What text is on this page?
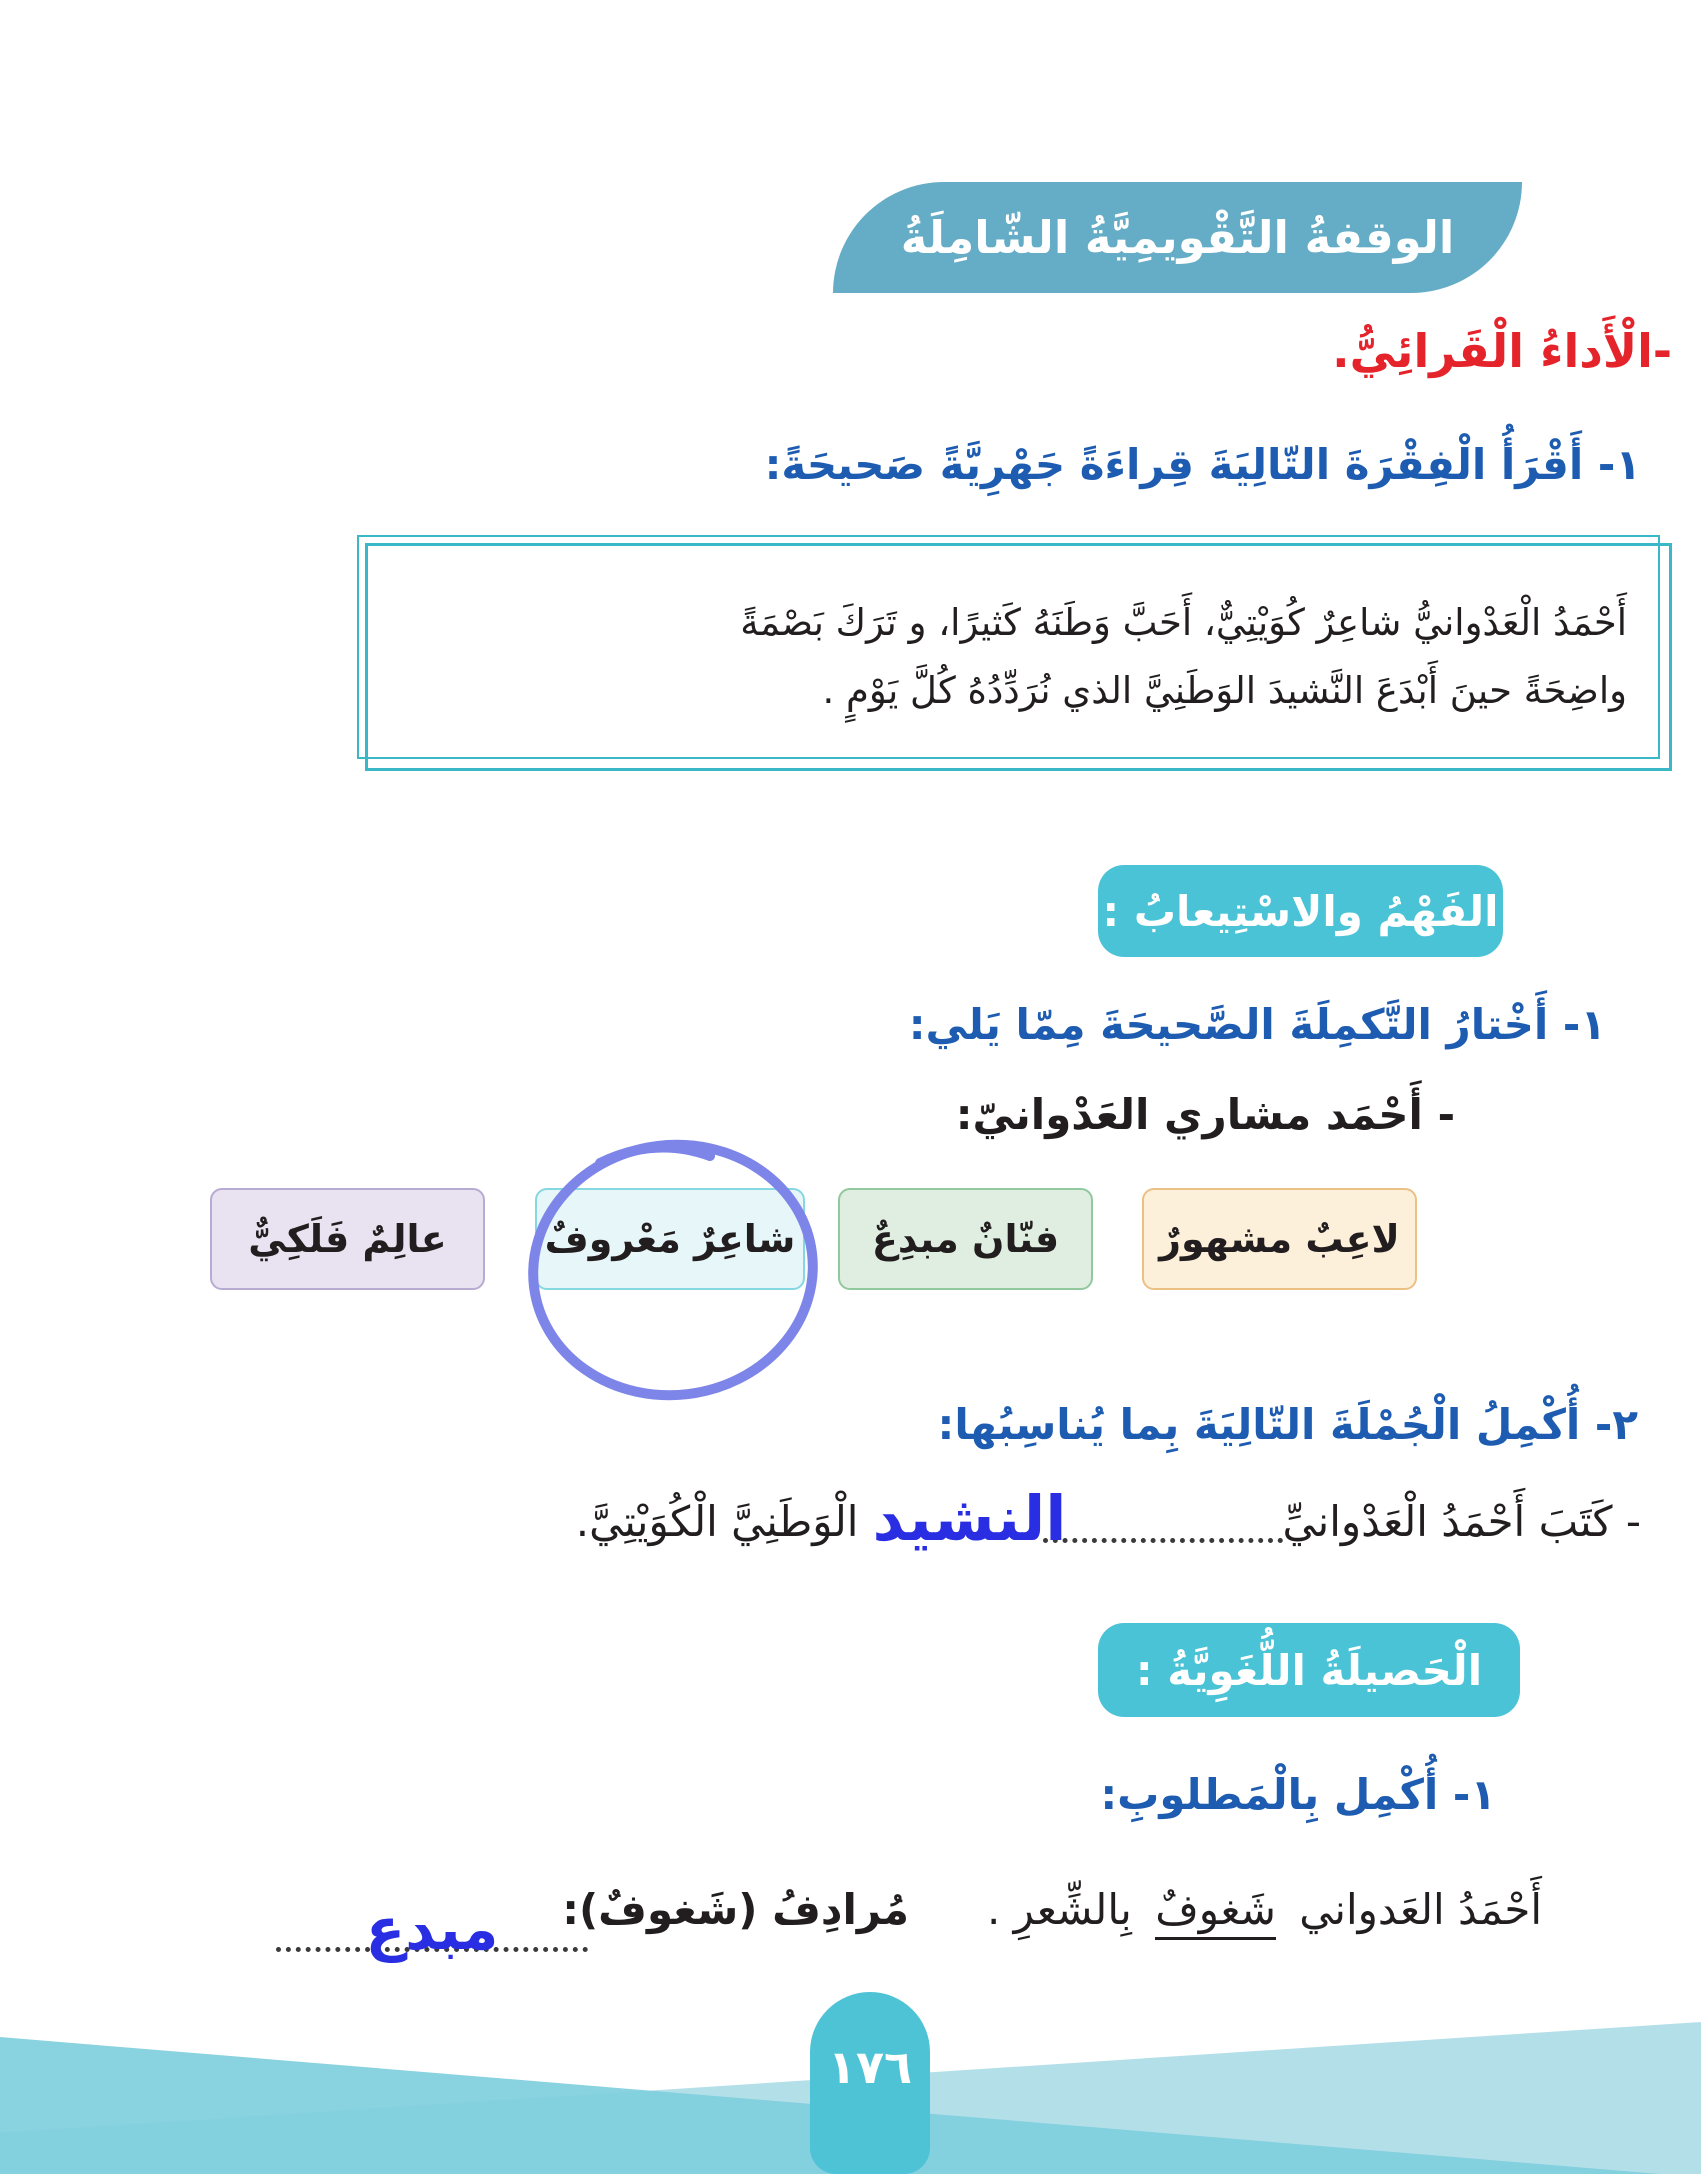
الوقفةُ التَّقْويمِيَّةُ الشّامِلَةُ
-الْأَداءُ الْقَرائِيُّ.
١- أَقْرَأُ الْفِقْرَةَ التّالِيَةَ قِراءَةً جَهْرِيَّةً صَحيحَةً:

أَحْمَدُ الْعَدْوانيُّ شاعِرٌ كُوَيْتِيٌّ، أَحَبَّ وَطَنَهُ كَثيرًا، و تَرَكَ بَصْمَةً

واضِحَةً حينَ أَبْدَعَ النَّشيدَ الوَطَنِيَّ الذي نُرَدِّدُهُ كُلَّ يَوْمٍ .

الفَهْمُ والاسْتِيعابُ :
١- أَخْتارُ التَّكمِلَةَ الصَّحيحَةَ مِمّا يَلي:
- أَحْمَد مشاري العَدْوانيّ:
لاعِبٌ مشهورٌ
فنّانٌ مبدِعٌ
شاعِرٌ مَعْروفٌ
عالِمٌ فَلَكِيٌّ
٢- أُكْمِلُ الْجُمْلَةَ التّالِيَةَ بِما يُناسِبُها:
- كَتَبَ أَحْمَدُ الْعَدْوانيِّ
النشيد
الْوَطَنِيَّ الْكُوَيْتِيَّ.
الْحَصيلَةُ اللُّغَوِيَّةُ :
١- أُكْمِل بِالْمَطلوبِ:
أَحْمَدُ العَدواني شَغوفٌ بِالشِّعرِ .
مُرادِفُ (شَغوفٌ):
مبدع
١٧٦
